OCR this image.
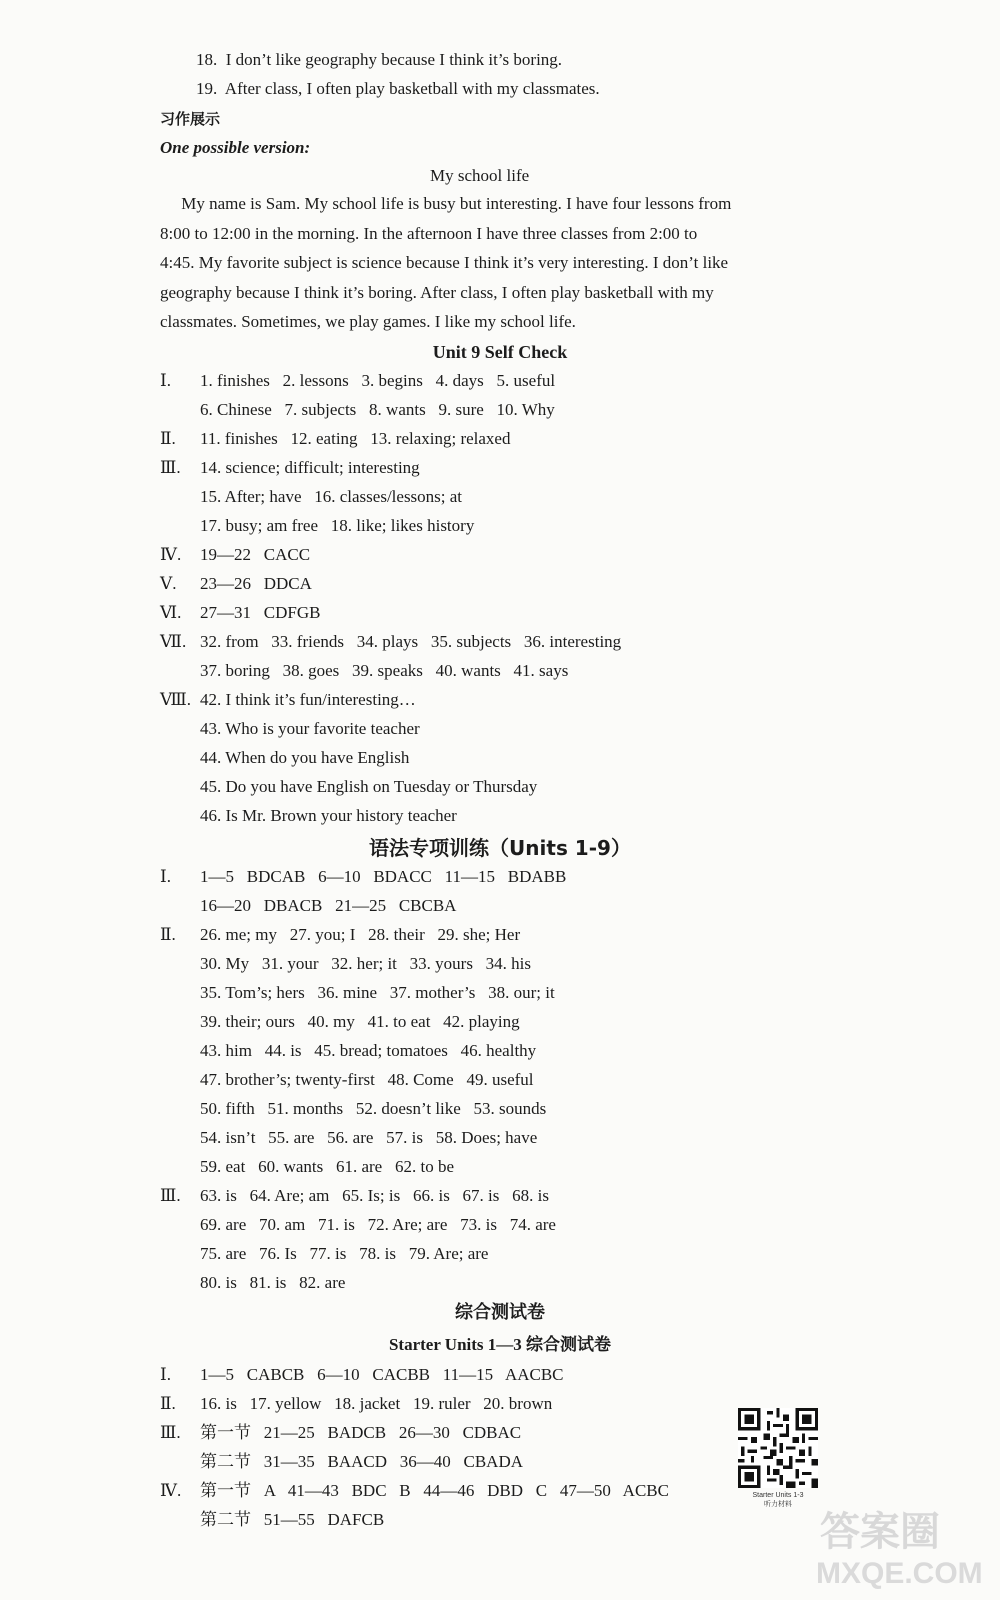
18.  I don’t like geography because I think it’s boring.
19.  After class, I often play basketball with my classmates.
习作展示
One possible version:
My school life
My name is Sam. My school life is busy but interesting. I have four lessons from
8:00 to 12:00 in the morning. In the afternoon I have three classes from 2:00 to
4:45. My favorite subject is science because I think it’s very interesting. I don’t like
geography because I think it’s boring. After class, I often play basketball with my
classmates. Sometimes, we play games. I like my school life.
Unit 9 Self Check
Ⅰ. 1. finishes   2. lessons   3. begins   4. days   5. useful
6. Chinese   7. subjects   8. wants   9. sure   10. Why
Ⅱ. 11. finishes   12. eating   13. relaxing; relaxed
Ⅲ. 14. science; difficult; interesting
15. After; have   16. classes/lessons; at
17. busy; am free   18. like; likes history
Ⅳ. 19—22   CACC
Ⅴ. 23—26   DDCA
Ⅵ. 27—31   CDFGB
Ⅶ. 32. from   33. friends   34. plays   35. subjects   36. interesting
37. boring   38. goes   39. speaks   40. wants   41. says
Ⅷ. 42. I think it’s fun/interesting…
43. Who is your favorite teacher
44. When do you have English
45. Do you have English on Tuesday or Thursday
46. Is Mr. Brown your history teacher
语法专项训练（Units 1-9）
Ⅰ. 1—5   BDCAB   6—10   BDACC   11—15   BDABB
16—20   DBACB   21—25   CBCBA
Ⅱ. 26. me; my   27. you; I   28. their   29. she; Her
30. My   31. your   32. her; it   33. yours   34. his
35. Tom’s; hers   36. mine   37. mother’s   38. our; it
39. their; ours   40. my   41. to eat   42. playing
43. him   44. is   45. bread; tomatoes   46. healthy
47. brother’s; twenty-first   48. Come   49. useful
50. fifth   51. months   52. doesn’t like   53. sounds
54. isn’t   55. are   56. are   57. is   58. Does; have
59. eat   60. wants   61. are   62. to be
Ⅲ. 63. is   64. Are; am   65. Is; is   66. is   67. is   68. is
69. are   70. am   71. is   72. Are; are   73. is   74. are
75. are   76. Is   77. is   78. is   79. Are; are
80. is   81. is   82. are
综合测试卷
Starter Units 1—3 综合测试卷
Ⅰ. 1—5   CABCB   6—10   CACBB   11—15   AACBC
Ⅱ. 16. is   17. yellow   18. jacket   19. ruler   20. brown
Ⅲ. 第一节   21—25   BADCB   26—30   CDBAC
第二节   31—35   BAACD   36—40   CBADA
Ⅳ. 第一节   A   41—43   BDC   B   44—46   DBD   C   47—50   ACBC
第二节   51—55   DAFCB
Starter Units 1-3
听力材料
答案圈
MXQE.COM
